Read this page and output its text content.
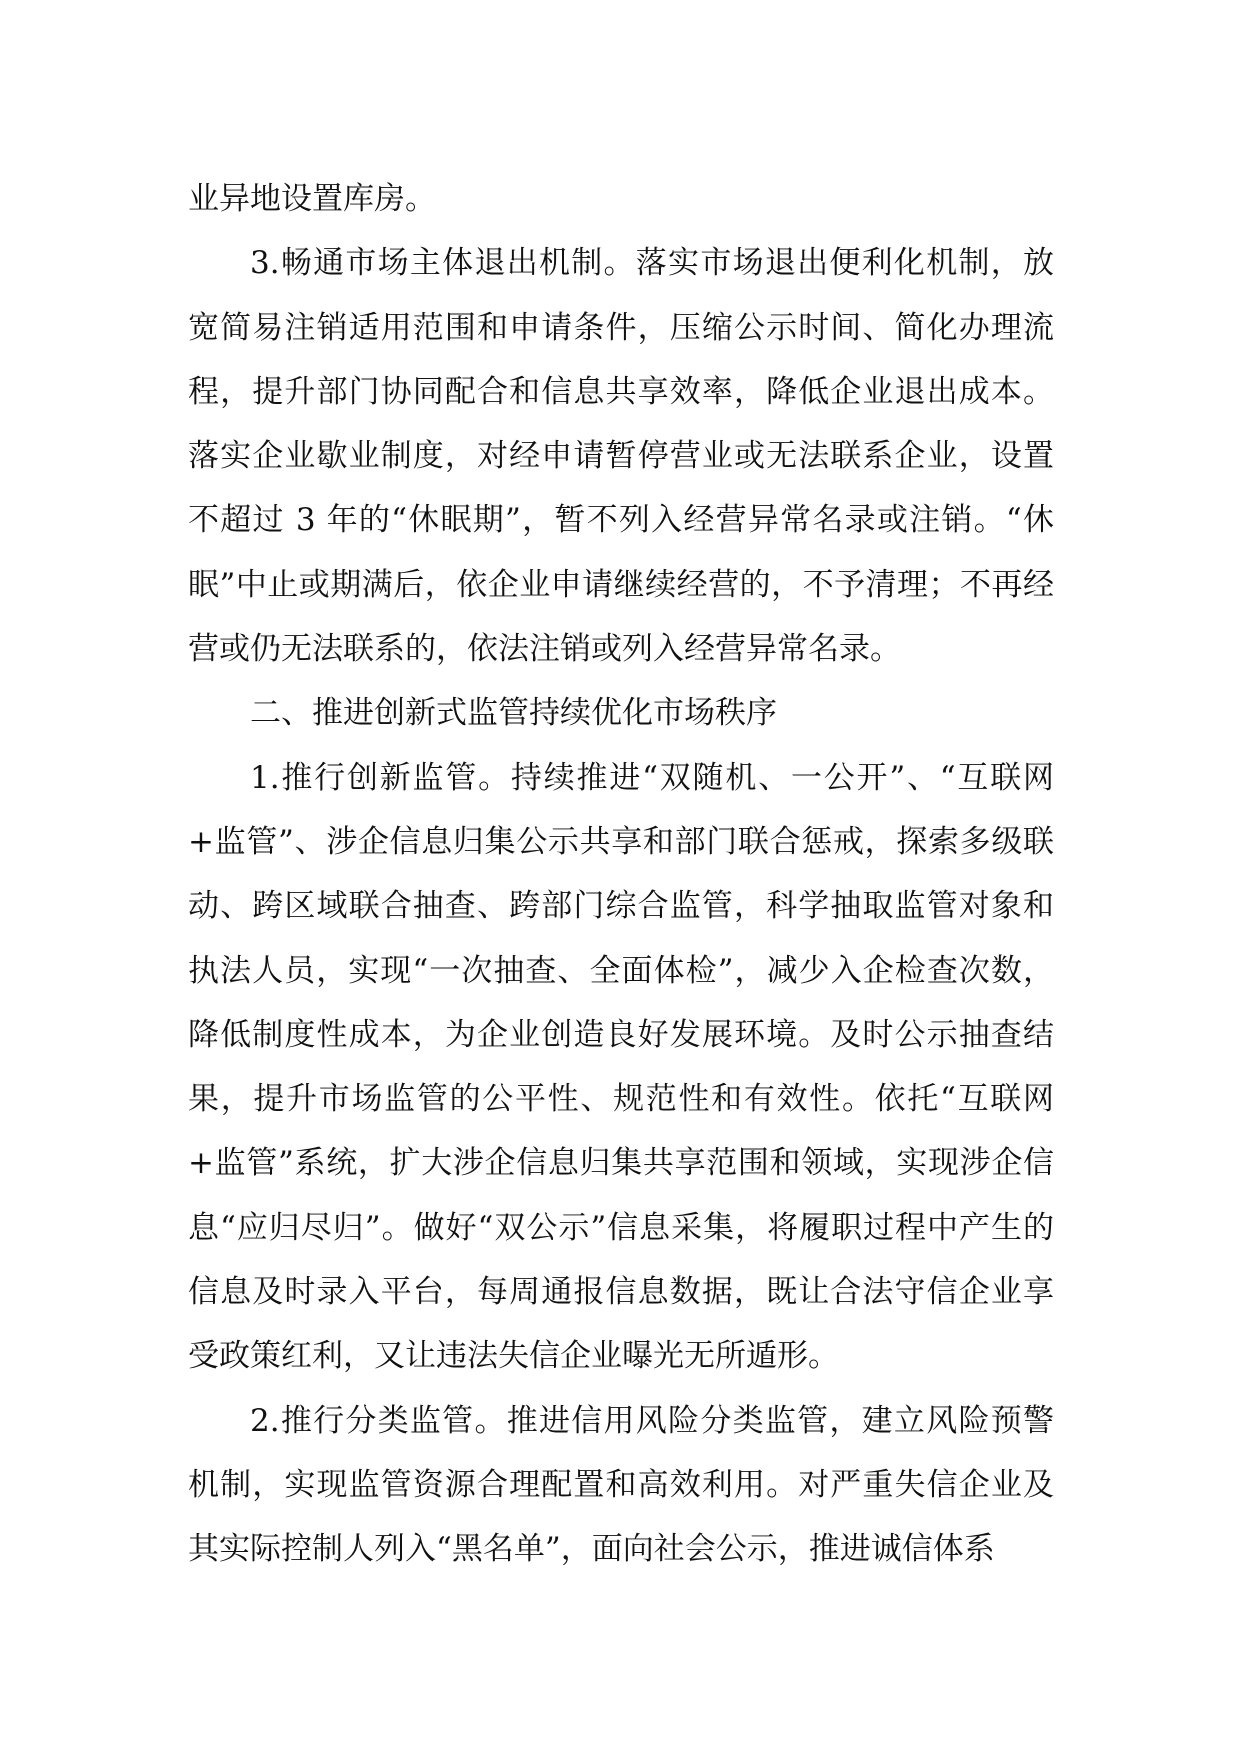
业异地设置库房。

3.畅通市场主体退出机制。落实市场退出便利化机制，放宽简易注销适用范围和申请条件，压缩公示时间、简化办理流程，提升部门协同配合和信息共享效率，降低企业退出成本。落实企业歇业制度，对经申请暂停营业或无法联系企业，设置不超过 3 年的“休眠期”，暂不列入经营异常名录或注销。“休眠”中止或期满后，依企业申请继续经营的，不予清理；不再经营或仍无法联系的，依法注销或列入经营异常名录。

二、推进创新式监管持续优化市场秩序

1.推行创新监管。持续推进“双随机、一公开”、“互联网+监管”、涉企信息归集公示共享和部门联合惩戒，探索多级联动、跨区域联合抽查、跨部门综合监管，科学抽取监管对象和执法人员，实现“一次抽查、全面体检”，减少入企检查次数，降低制度性成本，为企业创造良好发展环境。及时公示抽查结果，提升市场监管的公平性、规范性和有效性。依托“互联网+监管”系统，扩大涉企信息归集共享范围和领域，实现涉企信息“应归尽归”。做好“双公示”信息采集，将履职过程中产生的信息及时录入平台，每周通报信息数据，既让合法守信企业享受政策红利，又让违法失信企业曝光无所遁形。

2.推行分类监管。推进信用风险分类监管，建立风险预警机制，实现监管资源合理配置和高效利用。对严重失信企业及其实际控制人列入“黑名单”，面向社会公示，推进诚信体系
